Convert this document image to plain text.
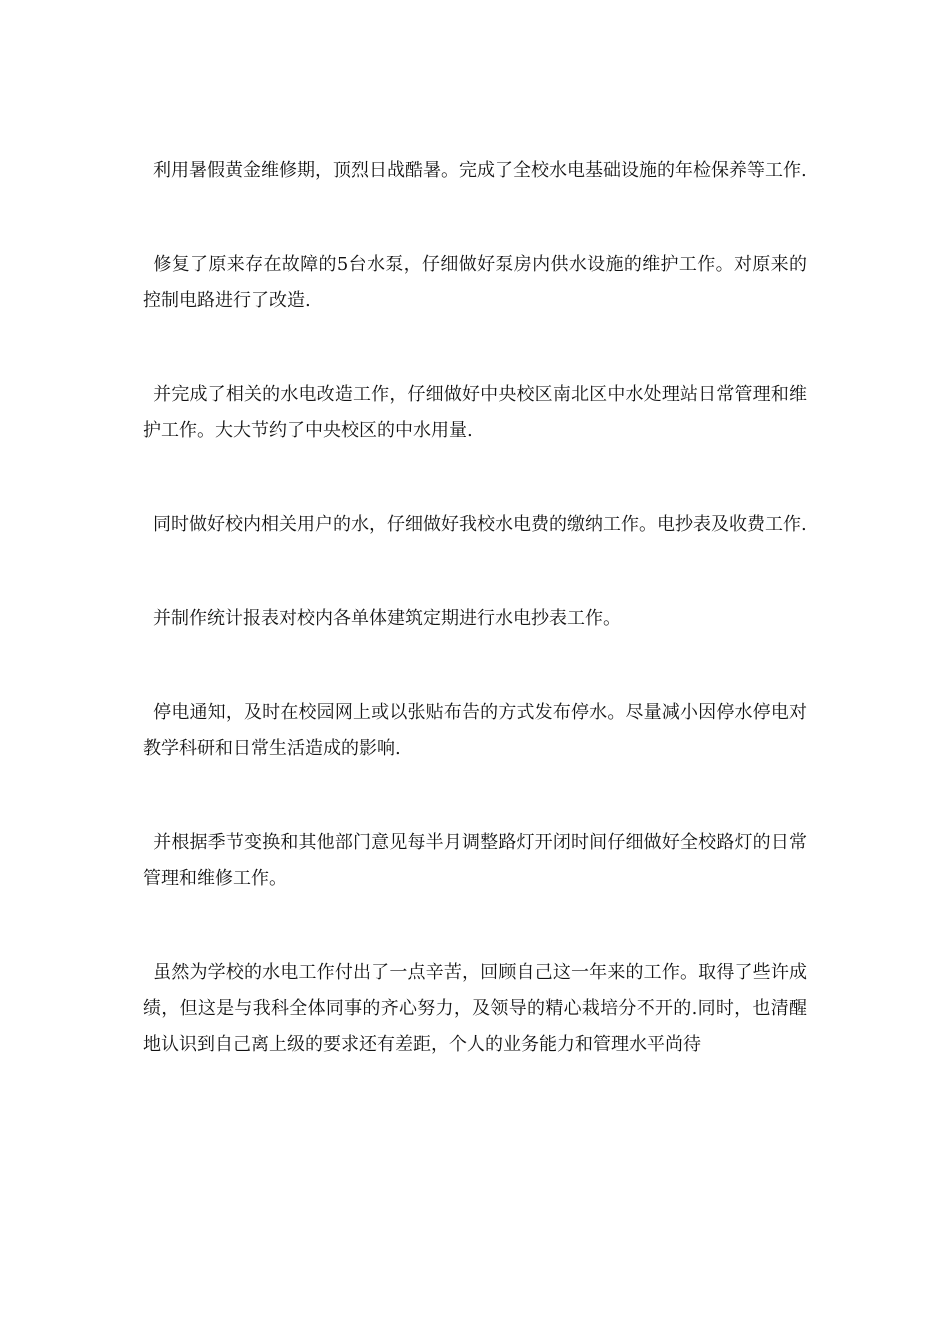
利用暑假黄金维修期，顶烈日战酷暑。完成了全校水电基础设施的年检保养等工作.

修复了原来存在故障的5台水泵，仔细做好泵房内供水设施的维护工作。对原来的控制电路进行了改造.

并完成了相关的水电改造工作，仔细做好中央校区南北区中水处理站日常管理和维护工作。大大节约了中央校区的中水用量.

同时做好校内相关用户的水，仔细做好我校水电费的缴纳工作。电抄表及收费工作.

并制作统计报表对校内各单体建筑定期进行水电抄表工作。

停电通知，及时在校园网上或以张贴布告的方式发布停水。尽量减小因停水停电对教学科研和日常生活造成的影响.

并根据季节变换和其他部门意见每半月调整路灯开闭时间仔细做好全校路灯的日常管理和维修工作。

虽然为学校的水电工作付出了一点辛苦，回顾自己这一年来的工作。取得了些许成绩，但这是与我科全体同事的齐心努力，及领导的精心栽培分不开的.同时，也清醒地认识到自己离上级的要求还有差距，个人的业务能力和管理水平尚待
